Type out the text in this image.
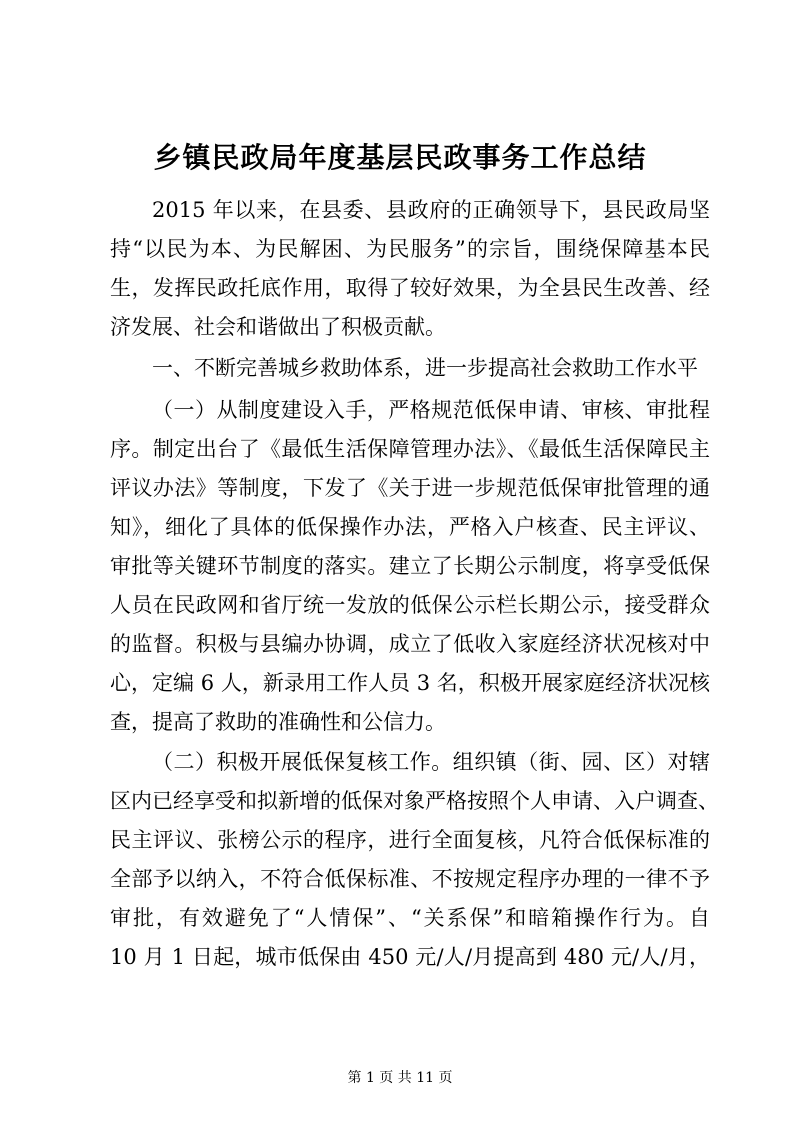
乡镇民政局年度基层民政事务工作总结

2015 年以来，在县委、县政府的正确领导下，县民政局坚

持“以民为本、为民解困、为民服务”的宗旨，围绕保障基本民

生，发挥民政托底作用，取得了较好效果，为全县民生改善、经

济发展、社会和谐做出了积极贡献。

一、不断完善城乡救助体系，进一步提高社会救助工作水平

（一）从制度建设入手，严格规范低保申请、审核、审批程

序。制定出台了《最低生活保障管理办法》、《最低生活保障民主

评议办法》等制度，下发了《关于进一步规范低保审批管理的通

知》，细化了具体的低保操作办法，严格入户核查、民主评议、

审批等关键环节制度的落实。建立了长期公示制度，将享受低保

人员在民政网和省厅统一发放的低保公示栏长期公示，接受群众

的监督。积极与县编办协调，成立了低收入家庭经济状况核对中

心，定编 6 人，新录用工作人员 3 名，积极开展家庭经济状况核

查，提高了救助的准确性和公信力。

（二）积极开展低保复核工作。组织镇（街、园、区）对辖

区内已经享受和拟新增的低保对象严格按照个人申请、入户调查、

民主评议、张榜公示的程序，进行全面复核，凡符合低保标准的

全部予以纳入，不符合低保标准、不按规定程序办理的一律不予

审批，有效避免了“人情保”、“关系保”和暗箱操作行为。自

10 月 1 日起，城市低保由 450 元/人/月提高到 480 元/人/月，

第 1 页 共 11 页
